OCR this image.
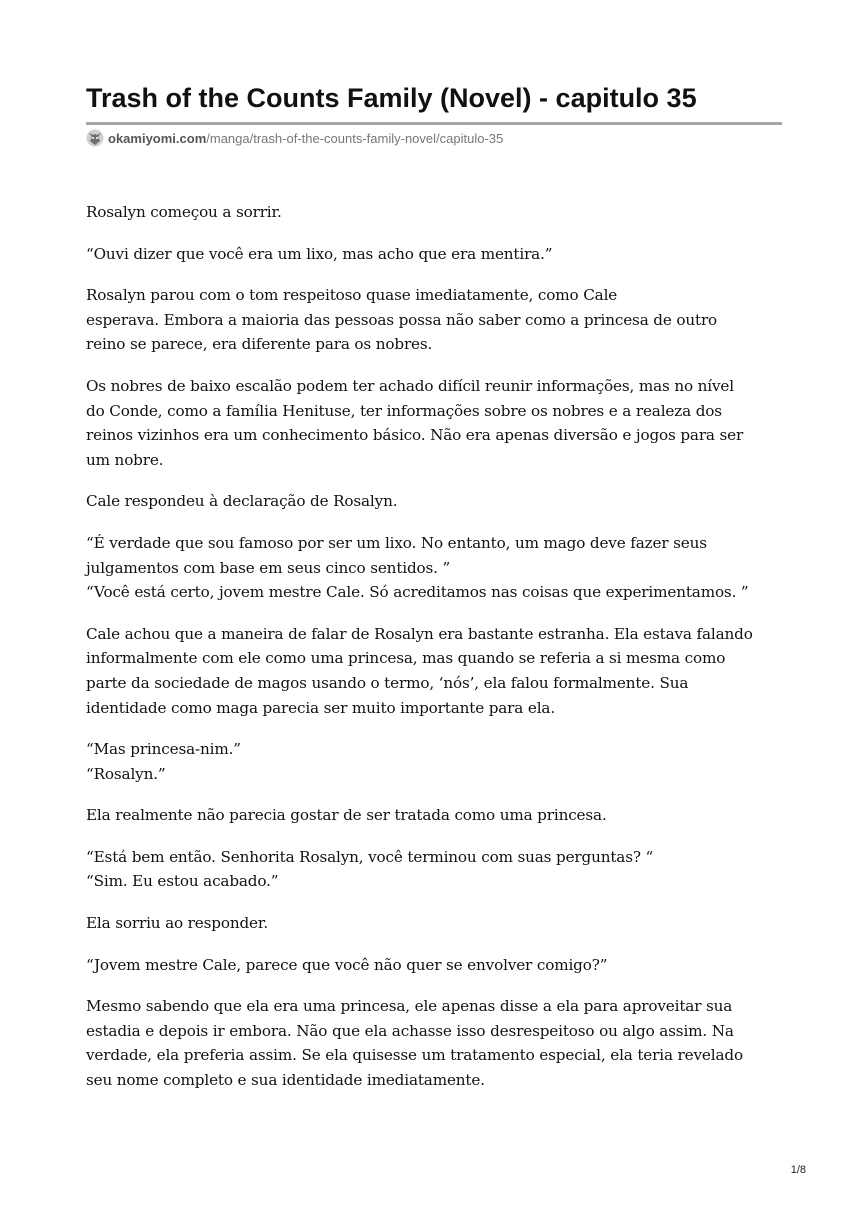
Trash of the Counts Family (Novel) - capitulo 35
okamiyomi.com /manga/trash-of-the-counts-family-novel/capitulo-35

Rosalyn começou a sorrir.

“Ouvi dizer que você era um lixo, mas acho que era mentira.”

Rosalyn parou com o tom respeitoso quase imediatamente, como Cale
esperava. Embora a maioria das pessoas possa não saber como a princesa de outro
reino se parece, era diferente para os nobres.

Os nobres de baixo escalão podem ter achado difícil reunir informações, mas no nível
do Conde, como a família Henituse, ter informações sobre os nobres e a realeza dos
reinos vizinhos era um conhecimento básico. Não era apenas diversão e jogos para ser
um nobre.

Cale respondeu à declaração de Rosalyn.

“É verdade que sou famoso por ser um lixo. No entanto, um mago deve fazer seus
julgamentos com base em seus cinco sentidos. ”
“Você está certo, jovem mestre Cale. Só acreditamos nas coisas que experimentamos. ”

Cale achou que a maneira de falar de Rosalyn era bastante estranha. Ela estava falando
informalmente com ele como uma princesa, mas quando se referia a si mesma como
parte da sociedade de magos usando o termo, ‘nós’, ela falou formalmente. Sua
identidade como maga parecia ser muito importante para ela.

“Mas princesa-nim.”
“Rosalyn.”

Ela realmente não parecia gostar de ser tratada como uma princesa.

“Está bem então. Senhorita Rosalyn, você terminou com suas perguntas? “
“Sim. Eu estou acabado.”

Ela sorriu ao responder.

“Jovem mestre Cale, parece que você não quer se envolver comigo?”

Mesmo sabendo que ela era uma princesa, ele apenas disse a ela para aproveitar sua
estadia e depois ir embora. Não que ela achasse isso desrespeitoso ou algo assim. Na
verdade, ela preferia assim. Se ela quisesse um tratamento especial, ela teria revelado
seu nome completo e sua identidade imediatamente.

1/8
